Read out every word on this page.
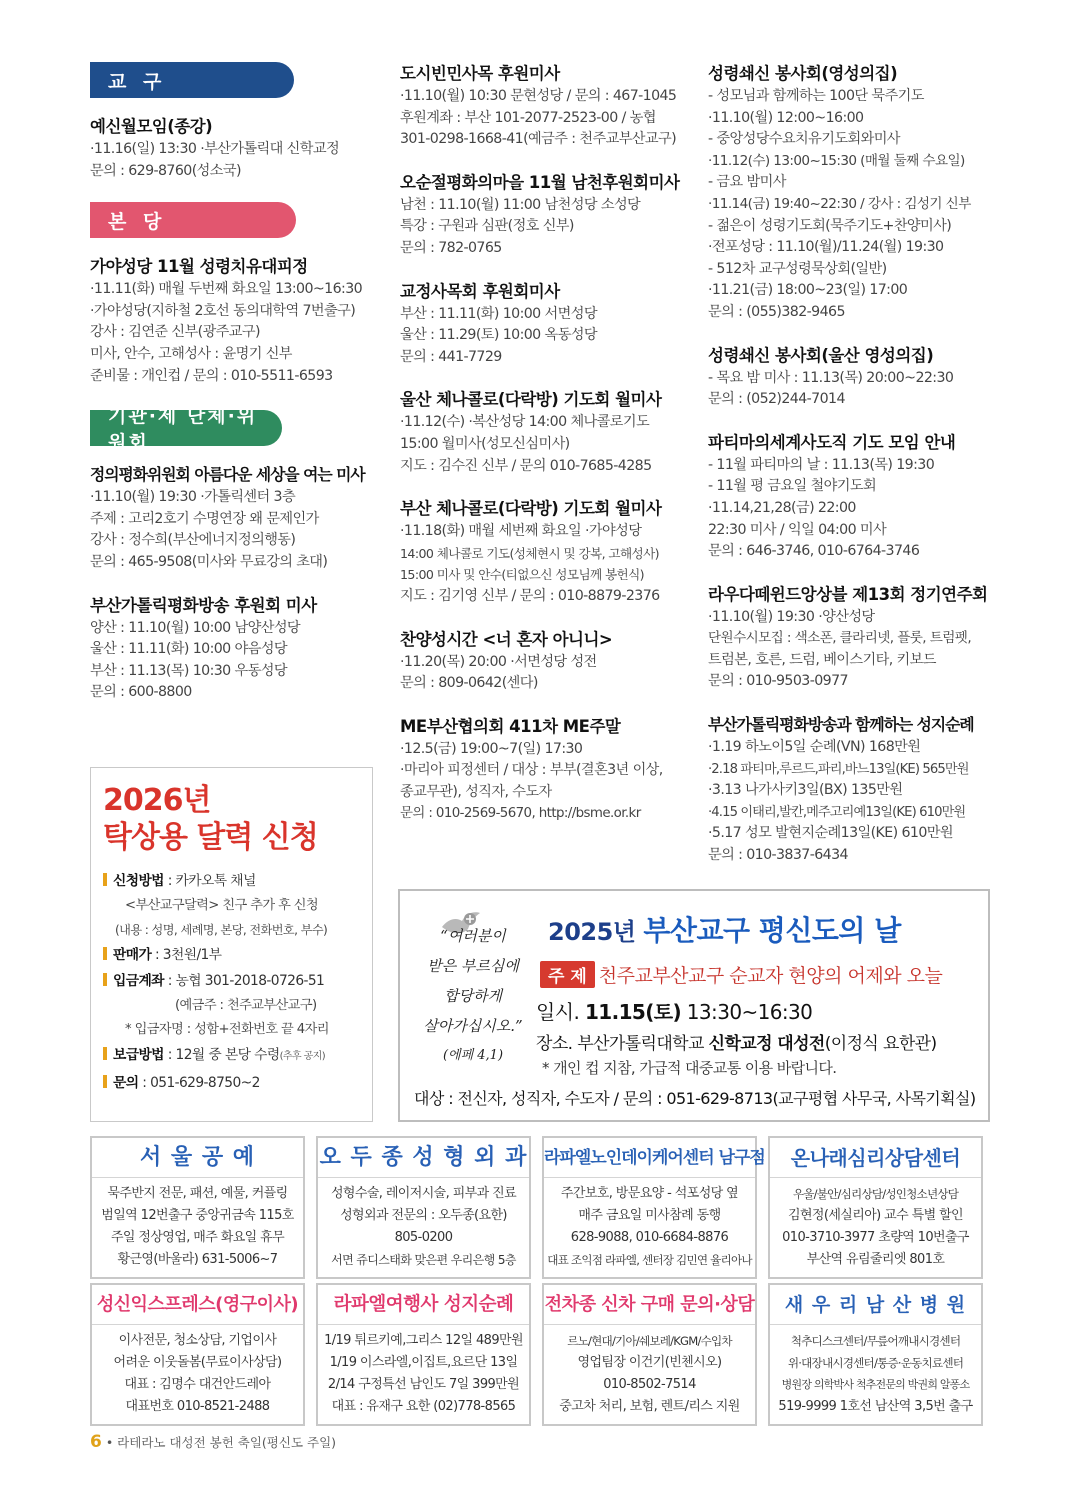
교 구
예신월모임(종강)
·11.16(일) 13:30 ·부산가톨릭대 신학교정
문의 : 629-8760(성소국)
본 당
가야성당 11월 성령치유대피정
·11.11(화) 매월 두번째 화요일 13:00~16:30
·가야성당(지하철 2호선 동의대학역 7번출구)
강사 : 김연준 신부(광주교구)
미사, 안수, 고해성사 : 윤명기 신부
준비물 : 개인컵 / 문의 : 010-5511-6593
기관·제 단체·위원회
정의평화위원회 아름다운 세상을 여는 미사
·11.10(월) 19:30 ·가톨릭센터 3층
주제 : 고리2호기 수명연장 왜 문제인가
강사 : 정수희(부산에너지정의행동)
문의 : 465-9508(미사와 무료강의 초대)
부산가톨릭평화방송 후원회 미사
양산 : 11.10(월) 10:00 남양산성당
울산 : 11.11(화) 10:00 야음성당
부산 : 11.13(목) 10:30 우동성당
문의 : 600-8800
도시빈민사목 후원미사
·11.10(월) 10:30 문현성당 / 문의 : 467-1045
후원계좌 : 부산 101-2077-2523-00 / 농협
301-0298-1668-41(예금주 : 천주교부산교구)
오순절평화의마을 11월 남천후원회미사
남천 : 11.10(월) 11:00 남천성당 소성당
특강 : 구원과 심판(정호 신부)
문의 : 782-0765
교정사목회 후원회미사
부산 : 11.11(화) 10:00 서면성당
울산 : 11.29(토) 10:00 옥동성당
문의 : 441-7729
울산 체나콜로(다락방) 기도회 월미사
·11.12(수) ·복산성당 14:00 체나콜로기도
15:00 월미사(성모신심미사)
지도 : 김수진 신부 / 문의 010-7685-4285
부산 체나콜로(다락방) 기도회 월미사
·11.18(화) 매월 세번째 화요일 ·가야성당
14:00 체나콜로 기도(성체현시 및 강복, 고해성사)
15:00 미사 및 안수(티없으신 성모님께 봉헌식)
지도 : 김기영 신부 / 문의 : 010-8879-2376
찬양성시간 <너 혼자 아니니>
·11.20(목) 20:00 ·서면성당 성전
문의 : 809-0642(센다)
ME부산협의회 411차 ME주말
·12.5(금) 19:00~7(일) 17:30
·마리아 피정센터 / 대상 : 부부(결혼3년 이상,
종교무관), 성직자, 수도자
문의 : 010-2569-5670, http://bsme.or.kr
성령쇄신 봉사회(영성의집)
- 성모님과 함께하는 100단 묵주기도
·11.10(월) 12:00~16:00
- 중앙성당수요치유기도회와미사
·11.12(수) 13:00~15:30 (매월 둘째 수요일)
- 금요 밤미사
·11.14(금) 19:40~22:30 / 강사 : 김성기 신부
- 젊은이 성령기도회(묵주기도+찬양미사)
·전포성당 : 11.10(월)/11.24(월) 19:30
- 512차 교구성령묵상회(일반)
·11.21(금) 18:00~23(일) 17:00
문의 : (055)382-9465
성령쇄신 봉사회(울산 영성의집)
- 목요 밤 미사 : 11.13(목) 20:00~22:30
문의 : (052)244-7014
파티마의세계사도직 기도 모임 안내
- 11월 파티마의 날 : 11.13(목) 19:30
- 11월 평 금요일 철야기도회
·11.14,21,28(금) 22:00
22:30 미사 / 익일 04:00 미사
문의 : 646-3746, 010-6764-3746
라우다떼윈드앙상블 제13회 정기연주회
·11.10(월) 19:30 ·양산성당
단원수시모집 : 색소폰, 클라리넷, 플룻, 트럼펫,
트럼본, 호른, 드럼, 베이스기타, 키보드
문의 : 010-9503-0977
부산가톨릭평화방송과 함께하는 성지순례
·1.19 하노이5일 순례(VN) 168만원
·2.18 파티마,루르드,파리,바느13일(KE) 565만원
·3.13 나가사키3일(BX) 135만원
·4.15 이태리,발칸,메주고리예13일(KE) 610만원
·5.17 성모 발현지순례13일(KE) 610만원
문의 : 010-3837-6434
2026년
탁상용 달력 신청
신청방법 : 카카오톡 채널
<부산교구달력> 친구 추가 후 신청
(내용 : 성명, 세례명, 본당, 전화번호, 부수)
판매가 : 3천원/1부
입금계좌 : 농협 301-2018-0726-51
(예금주 : 천주교부산교구)
* 입금자명 : 성함+전화번호 끝 4자리
보급방법 : 12월 중 본당 수령(추후 공지)
문의 : 051-629-8750~2
“여러분이
받은 부르심에
합당하게
살아가십시오.”
(에페 4,1)
2025년 부산교구 평신도의 날
주 제 천주교부산교구 순교자 현양의 어제와 오늘
일시. 11.15(토) 13:30~16:30
장소. 부산가톨릭대학교 신학교정 대성전(이정식 요한관)
* 개인 컵 지참, 가급적 대중교통 이용 바랍니다.
대상 : 전신자, 성직자, 수도자 / 문의 : 051-629-8713(교구평협 사무국, 사목기획실)
서 울 공 예
묵주반지 전문, 패션, 예물, 커플링
범일역 12번출구 중앙귀금속 115호
주일 정상영업, 매주 화요일 휴무
황근영(바울라) 631-5006~7
오 두 종 성 형 외 과
성형수술, 레이저시술, 피부과 진료
성형외과 전문의 : 오두종(요한)
805-0200
서면 쥬디스태화 맞은편 우리은행 5층
라파엘노인데이케어센터 남구점
주간보호, 방문요양 - 석포성당 옆
매주 금요일 미사참례 동행
628-9088, 010-6684-8876
대표 조익점 라파엘, 센터장 김민연 율리아나
온나래심리상담센터
우울/불안/심리상담/성인청소년상담
김현정(세실리아) 교수 특별 할인
010-3710-3977 초량역 10번출구
부산역 유림줄리엣 801호
성신익스프레스(영구이사)
이사전문, 청소상담, 기업이사
어려운 이웃돌봄(무료이사상담)
대표 : 김명수 대건안드레아
대표번호 010-8521-2488
라파엘여행사 성지순례
1/19 튀르키예,그리스 12일 489만원
1/19 이스라엘,이집트,요르단 13일
2/14 구정특선 남인도 7일 399만원
대표 : 유재구 요한 (02)778-8565
전차종 신차 구매 문의·상담
르노/현대/기아/쉐보레/KGM/수입차
영업팀장 이건기(빈첸시오)
010-8502-7514
중고차 처리, 보험, 렌트/리스 지원
새 우 리 남 산 병 원
척추디스크센터/무릎어깨내시경센터
위·대장내시경센터/통증·운동치료센터
병원장 의학박사 척추전문의 박권희 알퐁소
519-9999 1호선 남산역 3,5번 출구
6 • 라테라노 대성전 봉헌 축일(평신도 주일)
